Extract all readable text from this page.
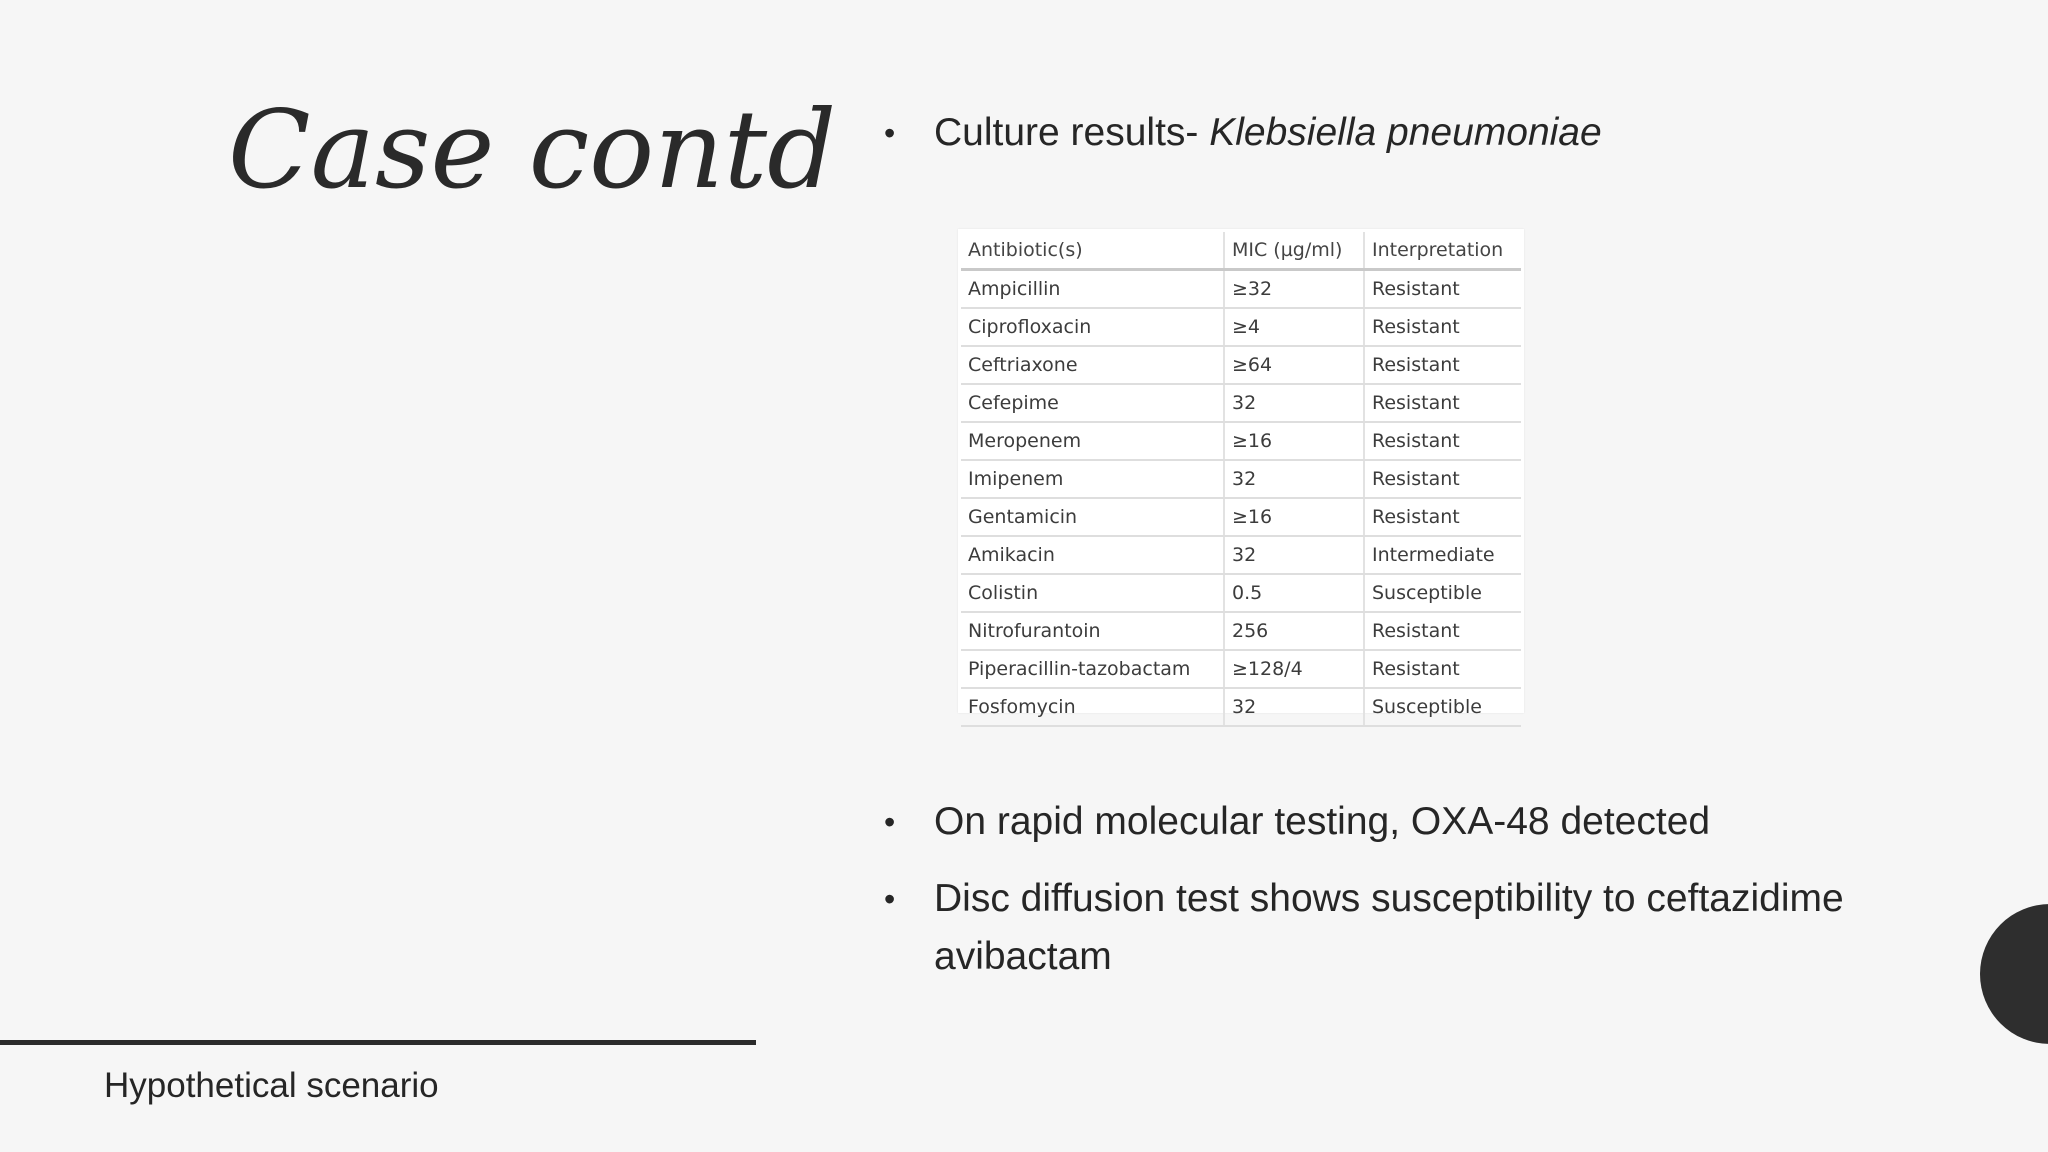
Case contd • Culture results- Klebsiella pneumoniae
Antibiotic(s)	MIC (µg/ml)	Interpretation
Ampicillin	≥32	Resistant
Ciprofloxacin	≥4	Resistant
Ceftriaxone	≥64	Resistant
Cefepime	32	Resistant
Meropenem	≥16	Resistant
Imipenem	32	Resistant
Gentamicin	≥16	Resistant
Amikacin	32	Intermediate
Colistin	0.5	Susceptible
Nitrofurantoin	256	Resistant
Piperacillin-tazobactam	≥128/4	Resistant
Fosfomycin	32	Susceptible
• On rapid molecular testing, OXA-48 detected
• Disc diffusion test shows susceptibility to ceftazidime avibactam
Hypothetical scenario
